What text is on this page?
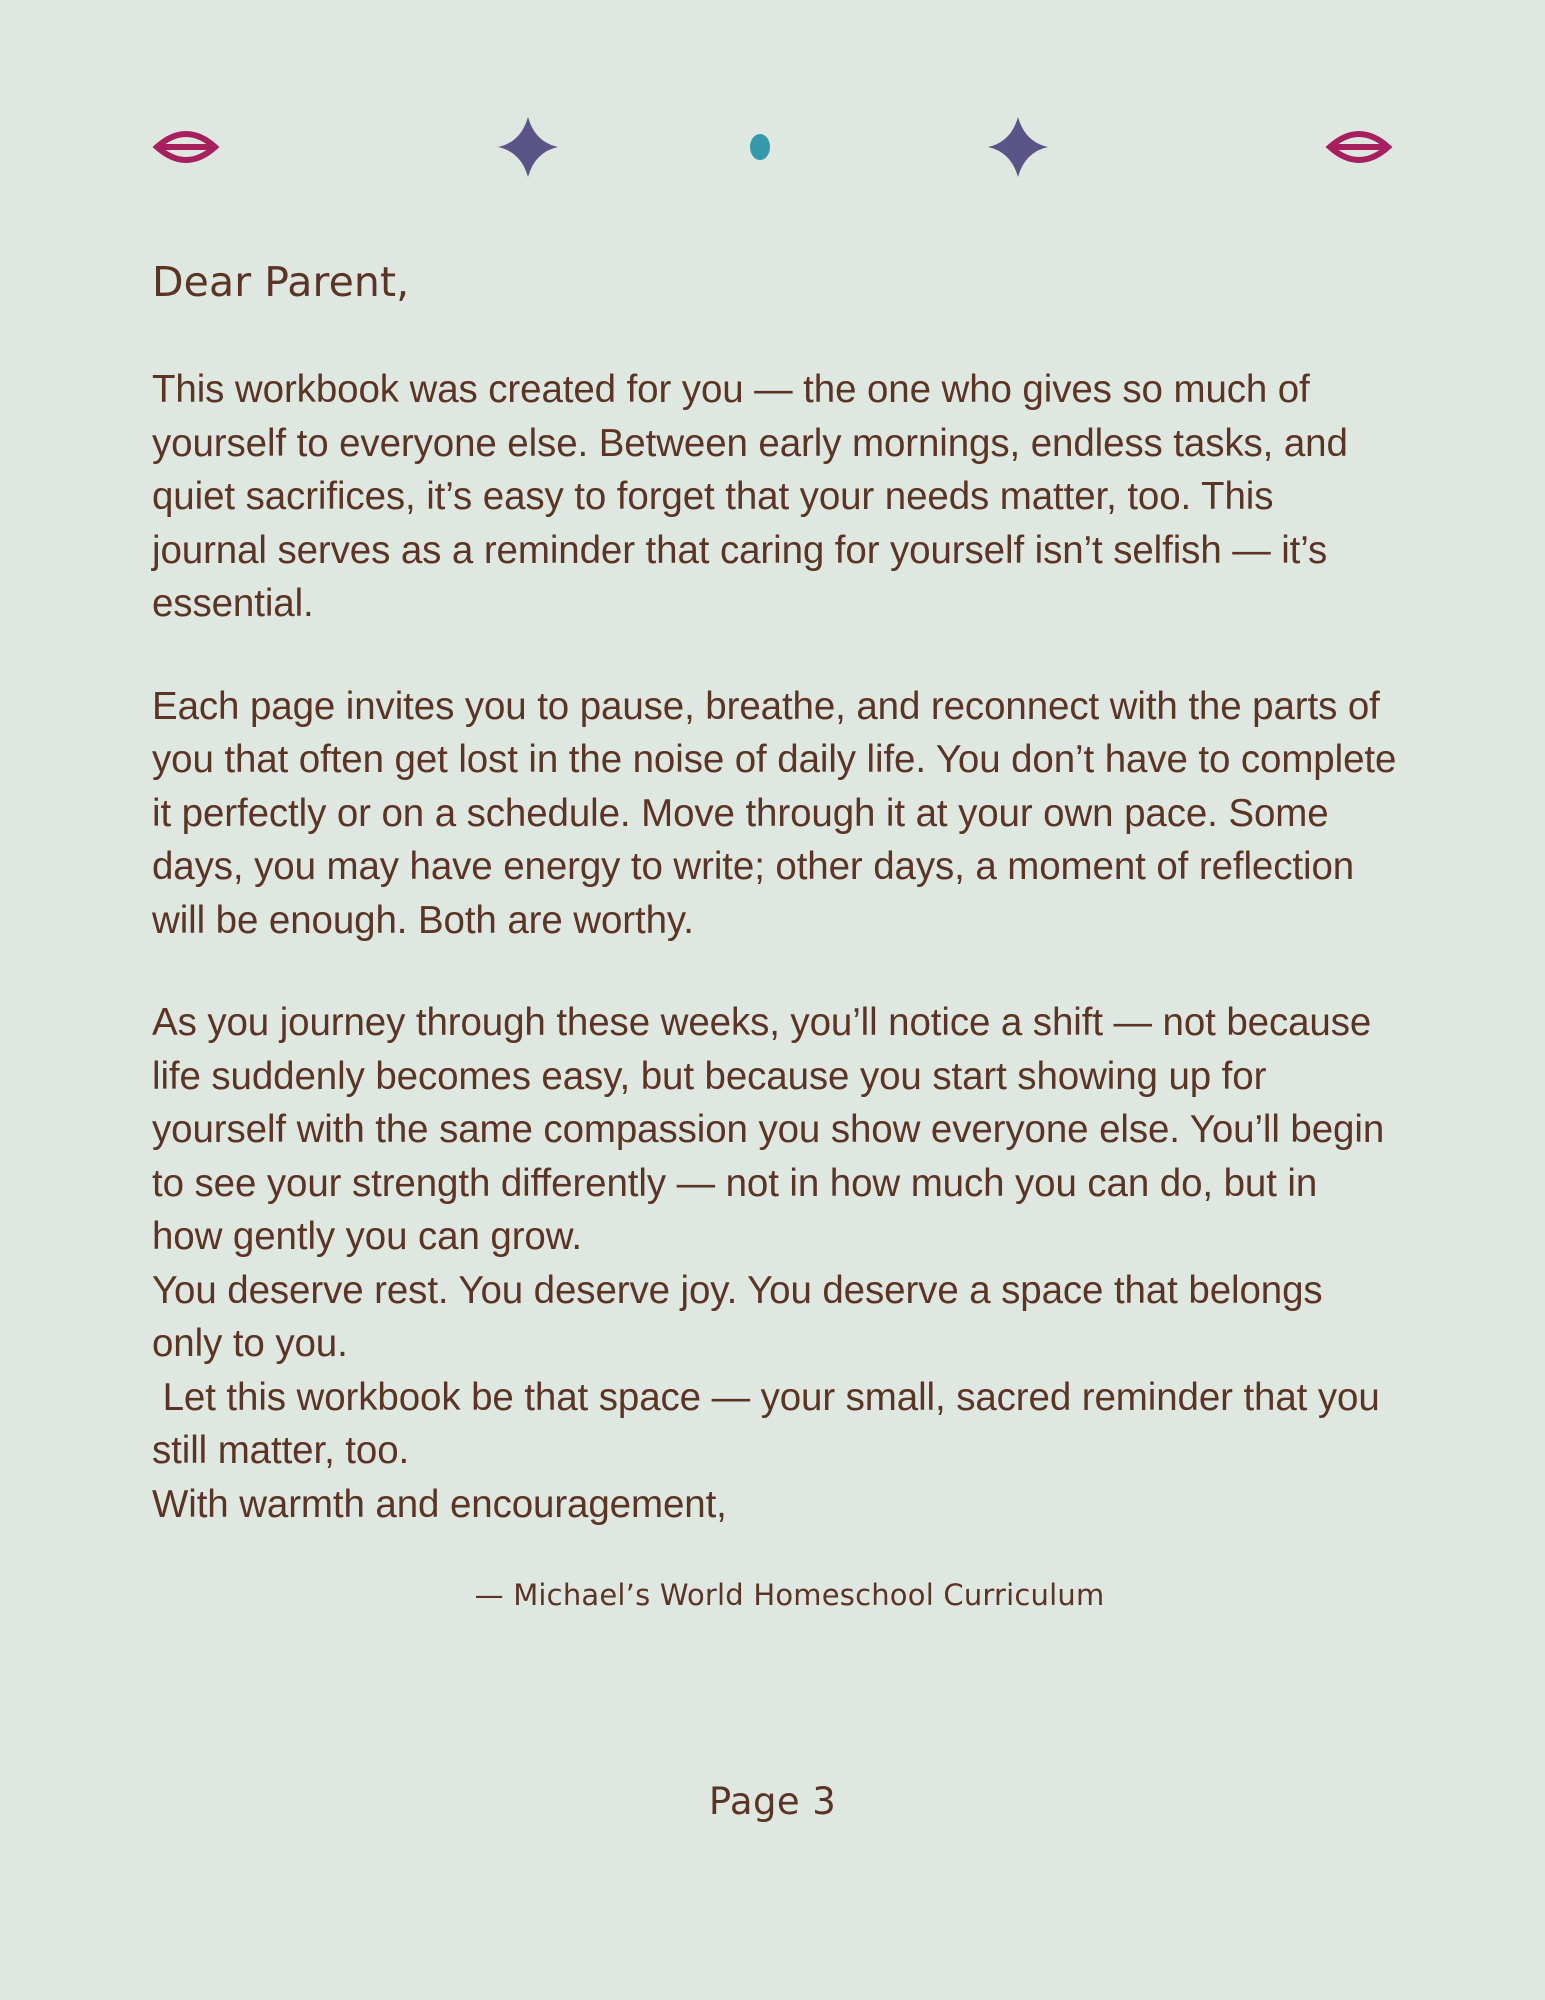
Dear Parent,

This workbook was created for you — the one who gives so much of yourself to everyone else. Between early mornings, endless tasks, and quiet sacrifices, it’s easy to forget that your needs matter, too. This journal serves as a reminder that caring for yourself isn’t selfish — it’s essential.

Each page invites you to pause, breathe, and reconnect with the parts of you that often get lost in the noise of daily life. You don’t have to complete it perfectly or on a schedule. Move through it at your own pace. Some days, you may have energy to write; other days, a moment of reflection will be enough. Both are worthy.

As you journey through these weeks, you’ll notice a shift — not because life suddenly becomes easy, but because you start showing up for yourself with the same compassion you show everyone else. You’ll begin to see your strength differently — not in how much you can do, but in how gently you can grow.

You deserve rest. You deserve joy. You deserve a space that belongs only to you.

Let this workbook be that space — your small, sacred reminder that you still matter, too.

With warmth and encouragement,

— Michael’s World Homeschool Curriculum

Page 3
